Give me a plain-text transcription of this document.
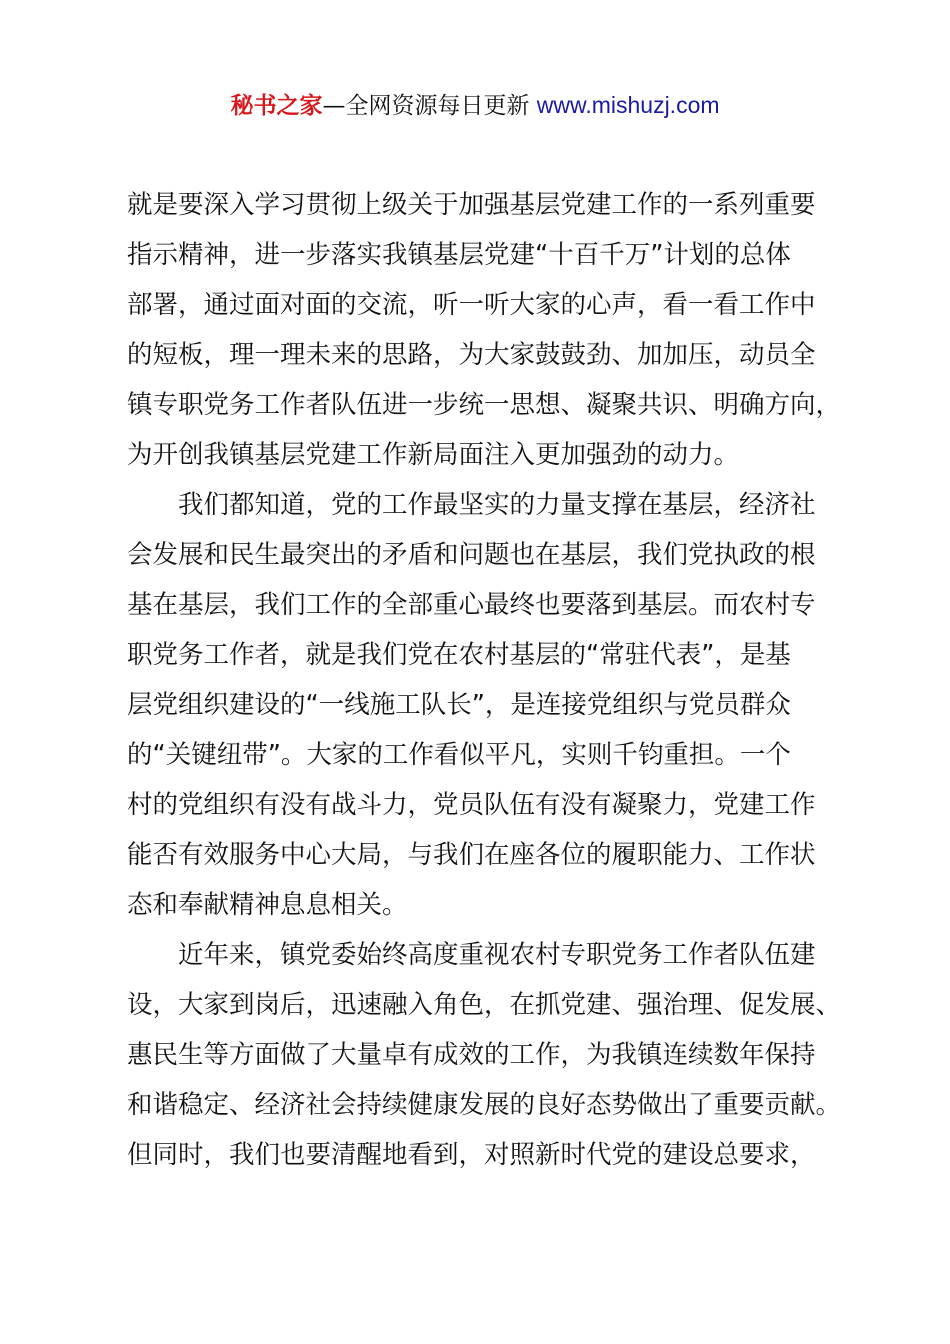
秘书之家—全网资源每日更新 www.mishuzj.com
就是要深入学习贯彻上级关于加强基层党建工作的一系列重要
指示精神，进一步落实我镇基层党建“十百千万”计划的总体
部署，通过面对面的交流，听一听大家的心声，看一看工作中
的短板，理一理未来的思路，为大家鼓鼓劲、加加压，动员全
镇专职党务工作者队伍进一步统一思想、凝聚共识、明确方向，
为开创我镇基层党建工作新局面注入更加强劲的动力。
我们都知道，党的工作最坚实的力量支撑在基层，经济社
会发展和民生最突出的矛盾和问题也在基层，我们党执政的根
基在基层，我们工作的全部重心最终也要落到基层。而农村专
职党务工作者，就是我们党在农村基层的“常驻代表”，是基
层党组织建设的“一线施工队长”，是连接党组织与党员群众
的“关键纽带”。大家的工作看似平凡，实则千钧重担。一个
村的党组织有没有战斗力，党员队伍有没有凝聚力，党建工作
能否有效服务中心大局，与我们在座各位的履职能力、工作状
态和奉献精神息息相关。
近年来，镇党委始终高度重视农村专职党务工作者队伍建
设，大家到岗后，迅速融入角色，在抓党建、强治理、促发展、
惠民生等方面做了大量卓有成效的工作，为我镇连续数年保持
和谐稳定、经济社会持续健康发展的良好态势做出了重要贡献。
但同时，我们也要清醒地看到，对照新时代党的建设总要求，
